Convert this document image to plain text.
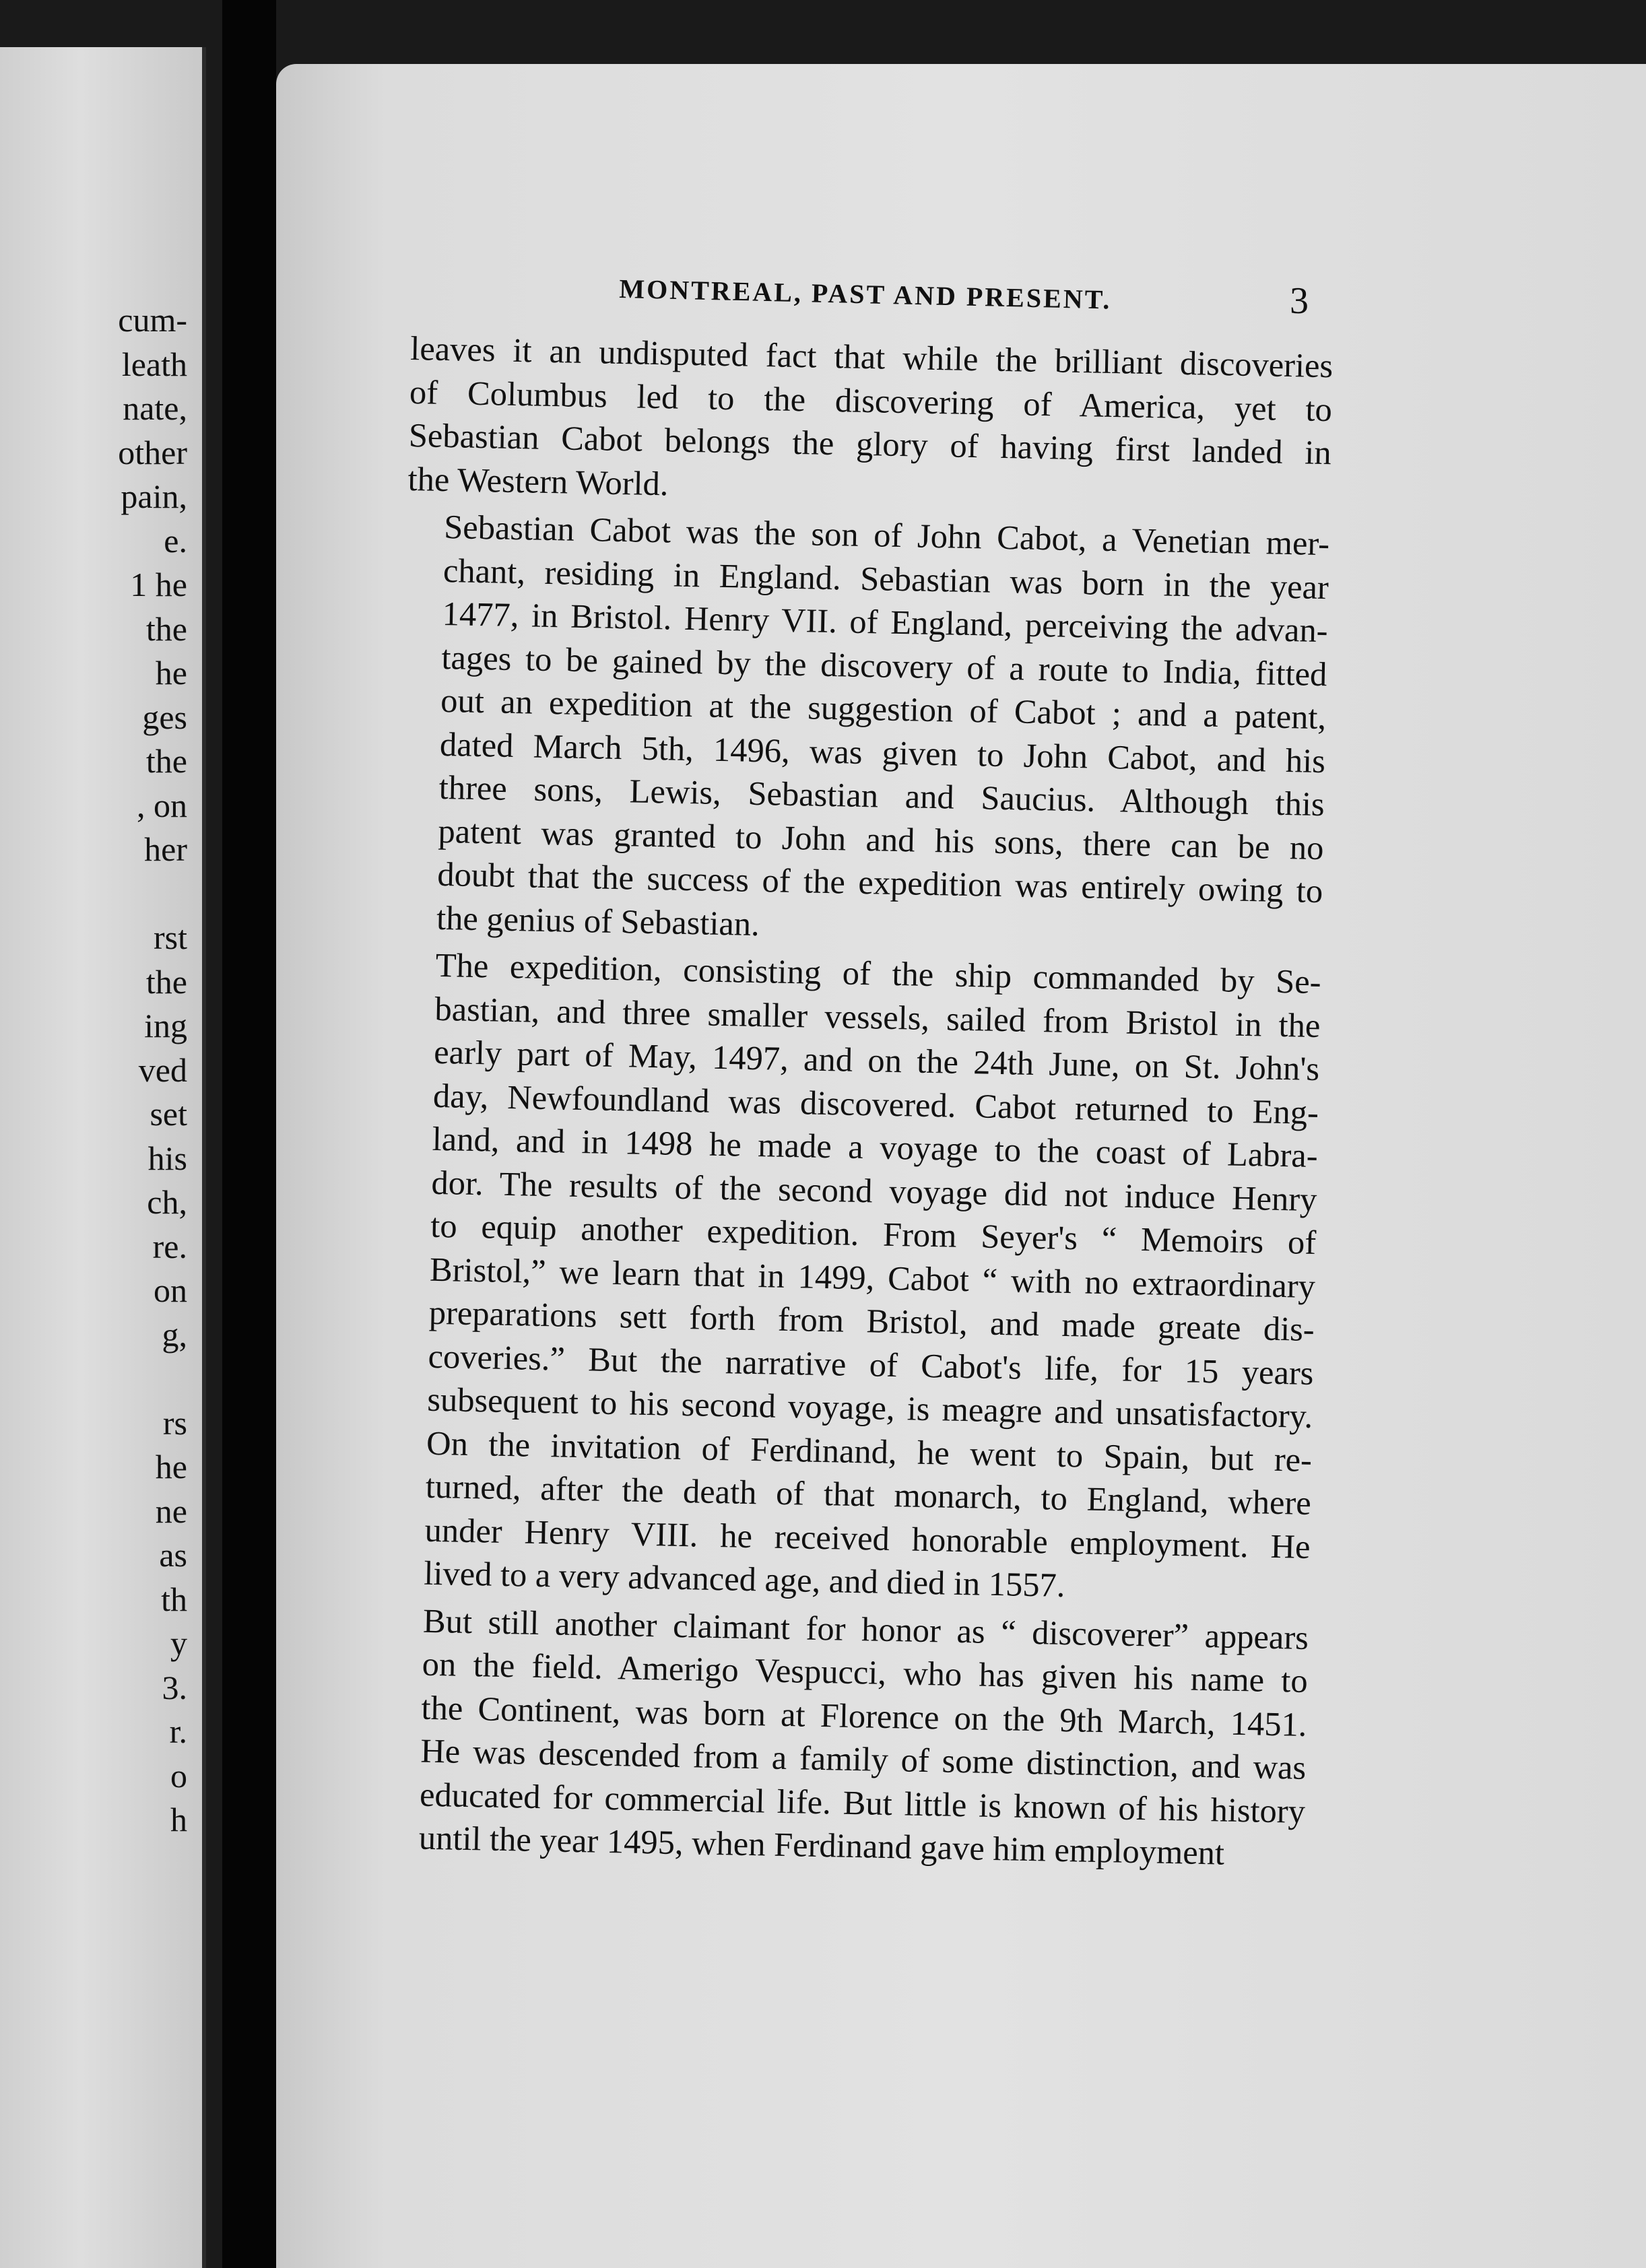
cum-
leath
nate,
other
pain,
e.
1 he
the
he
ges
the
, on
her
rst
the
ing
ved
set
his
ch,
re.
on
g,
rs
he
ne
as
th
y
3.
r.
o
h
MONTREAL, PAST AND PRESENT.	3

leaves it an undisputed fact that while the brilliant discoveries
of Columbus led to the discovering of America, yet to
Sebastian Cabot belongs the glory of having first landed in
the Western World.

Sebastian Cabot was the son of John Cabot, a Venetian mer-
chant, residing in England. Sebastian was born in the year
1477, in Bristol. Henry VII. of England, perceiving the advan-
tages to be gained by the discovery of a route to India, fitted
out an expedition at the suggestion of Cabot ; and a patent,
dated March 5th, 1496, was given to John Cabot, and his
three sons, Lewis, Sebastian and Saucius. Although this
patent was granted to John and his sons, there can be no
doubt that the success of the expedition was entirely owing to
the genius of Sebastian.

The expedition, consisting of the ship commanded by Se-
bastian, and three smaller vessels, sailed from Bristol in the
early part of May, 1497, and on the 24th June, on St. John's
day, Newfoundland was discovered. Cabot returned to Eng-
land, and in 1498 he made a voyage to the coast of Labra-
dor. The results of the second voyage did not induce Henry
to equip another expedition. From Seyer's “ Memoirs of
Bristol,” we learn that in 1499, Cabot “ with no extraordinary
preparations sett forth from Bristol, and made greate dis-
coveries.” But the narrative of Cabot's life, for 15 years
subsequent to his second voyage, is meagre and unsatisfactory.
On the invitation of Ferdinand, he went to Spain, but re-
turned, after the death of that monarch, to England, where
under Henry VIII. he received honorable employment. He
lived to a very advanced age, and died in 1557.

But still another claimant for honor as “ discoverer” appears
on the field. Amerigo Vespucci, who has given his name to
the Continent, was born at Florence on the 9th March, 1451.
He was descended from a family of some distinction, and was
educated for commercial life. But little is known of his history
until the year 1495, when Ferdinand gave him employment
